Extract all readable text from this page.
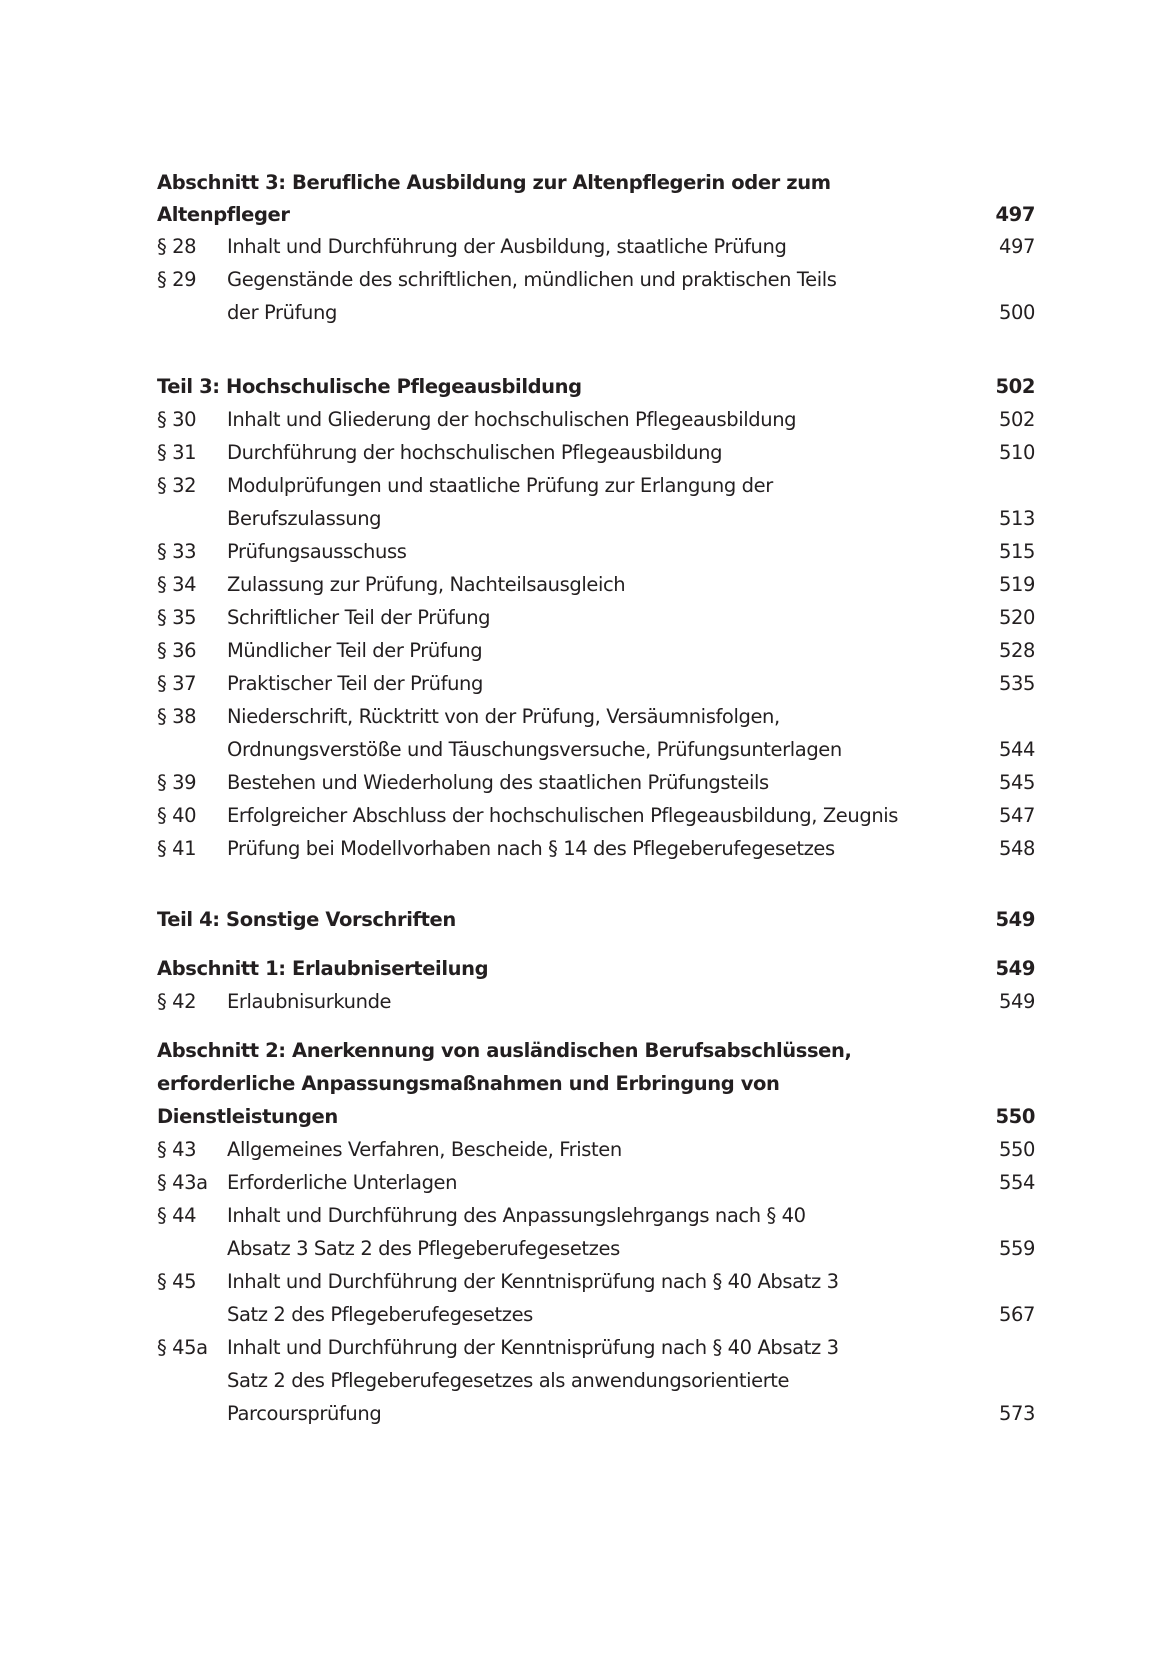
Abschnitt 3: Berufliche Ausbildung zur Altenpflegerin oder zum
Altenpfleger	497
§ 28 Inhalt und Durchführung der Ausbildung, staatliche Prüfung	497
§ 29 Gegenstände des schriftlichen, mündlichen und praktischen Teils
der Prüfung	500
Teil 3: Hochschulische Pflegeausbildung	502
§ 30 Inhalt und Gliederung der hochschulischen Pflegeausbildung	502
§ 31 Durchführung der hochschulischen Pflegeausbildung	510
§ 32 Modulprüfungen und staatliche Prüfung zur Erlangung der
Berufszulassung	513
§ 33 Prüfungsausschuss	515
§ 34 Zulassung zur Prüfung, Nachteilsausgleich	519
§ 35 Schriftlicher Teil der Prüfung	520
§ 36 Mündlicher Teil der Prüfung	528
§ 37 Praktischer Teil der Prüfung	535
§ 38 Niederschrift, Rücktritt von der Prüfung, Versäumnisfolgen,
Ordnungsverstöße und Täuschungsversuche, Prüfungsunterlagen	544
§ 39 Bestehen und Wiederholung des staatlichen Prüfungsteils	545
§ 40 Erfolgreicher Abschluss der hochschulischen Pflegeausbildung, Zeugnis	547
§ 41 Prüfung bei Modellvorhaben nach § 14 des Pflegeberufegesetzes	548
Teil 4: Sonstige Vorschriften	549
Abschnitt 1: Erlaubniserteilung	549
§ 42 Erlaubnisurkunde	549
Abschnitt 2: Anerkennung von ausländischen Berufsabschlüssen,
erforderliche Anpassungsmaßnahmen und Erbringung von
Dienstleistungen	550
§ 43 Allgemeines Verfahren, Bescheide, Fristen	550
§ 43a Erforderliche Unterlagen	554
§ 44 Inhalt und Durchführung des Anpassungslehrgangs nach § 40
Absatz 3 Satz 2 des Pflegeberufegesetzes	559
§ 45 Inhalt und Durchführung der Kenntnisprüfung nach § 40 Absatz 3
Satz 2 des Pflegeberufegesetzes	567
§ 45a Inhalt und Durchführung der Kenntnisprüfung nach § 40 Absatz 3
Satz 2 des Pflegeberufegesetzes als anwendungsorientierte
Parcoursprüfung	573
